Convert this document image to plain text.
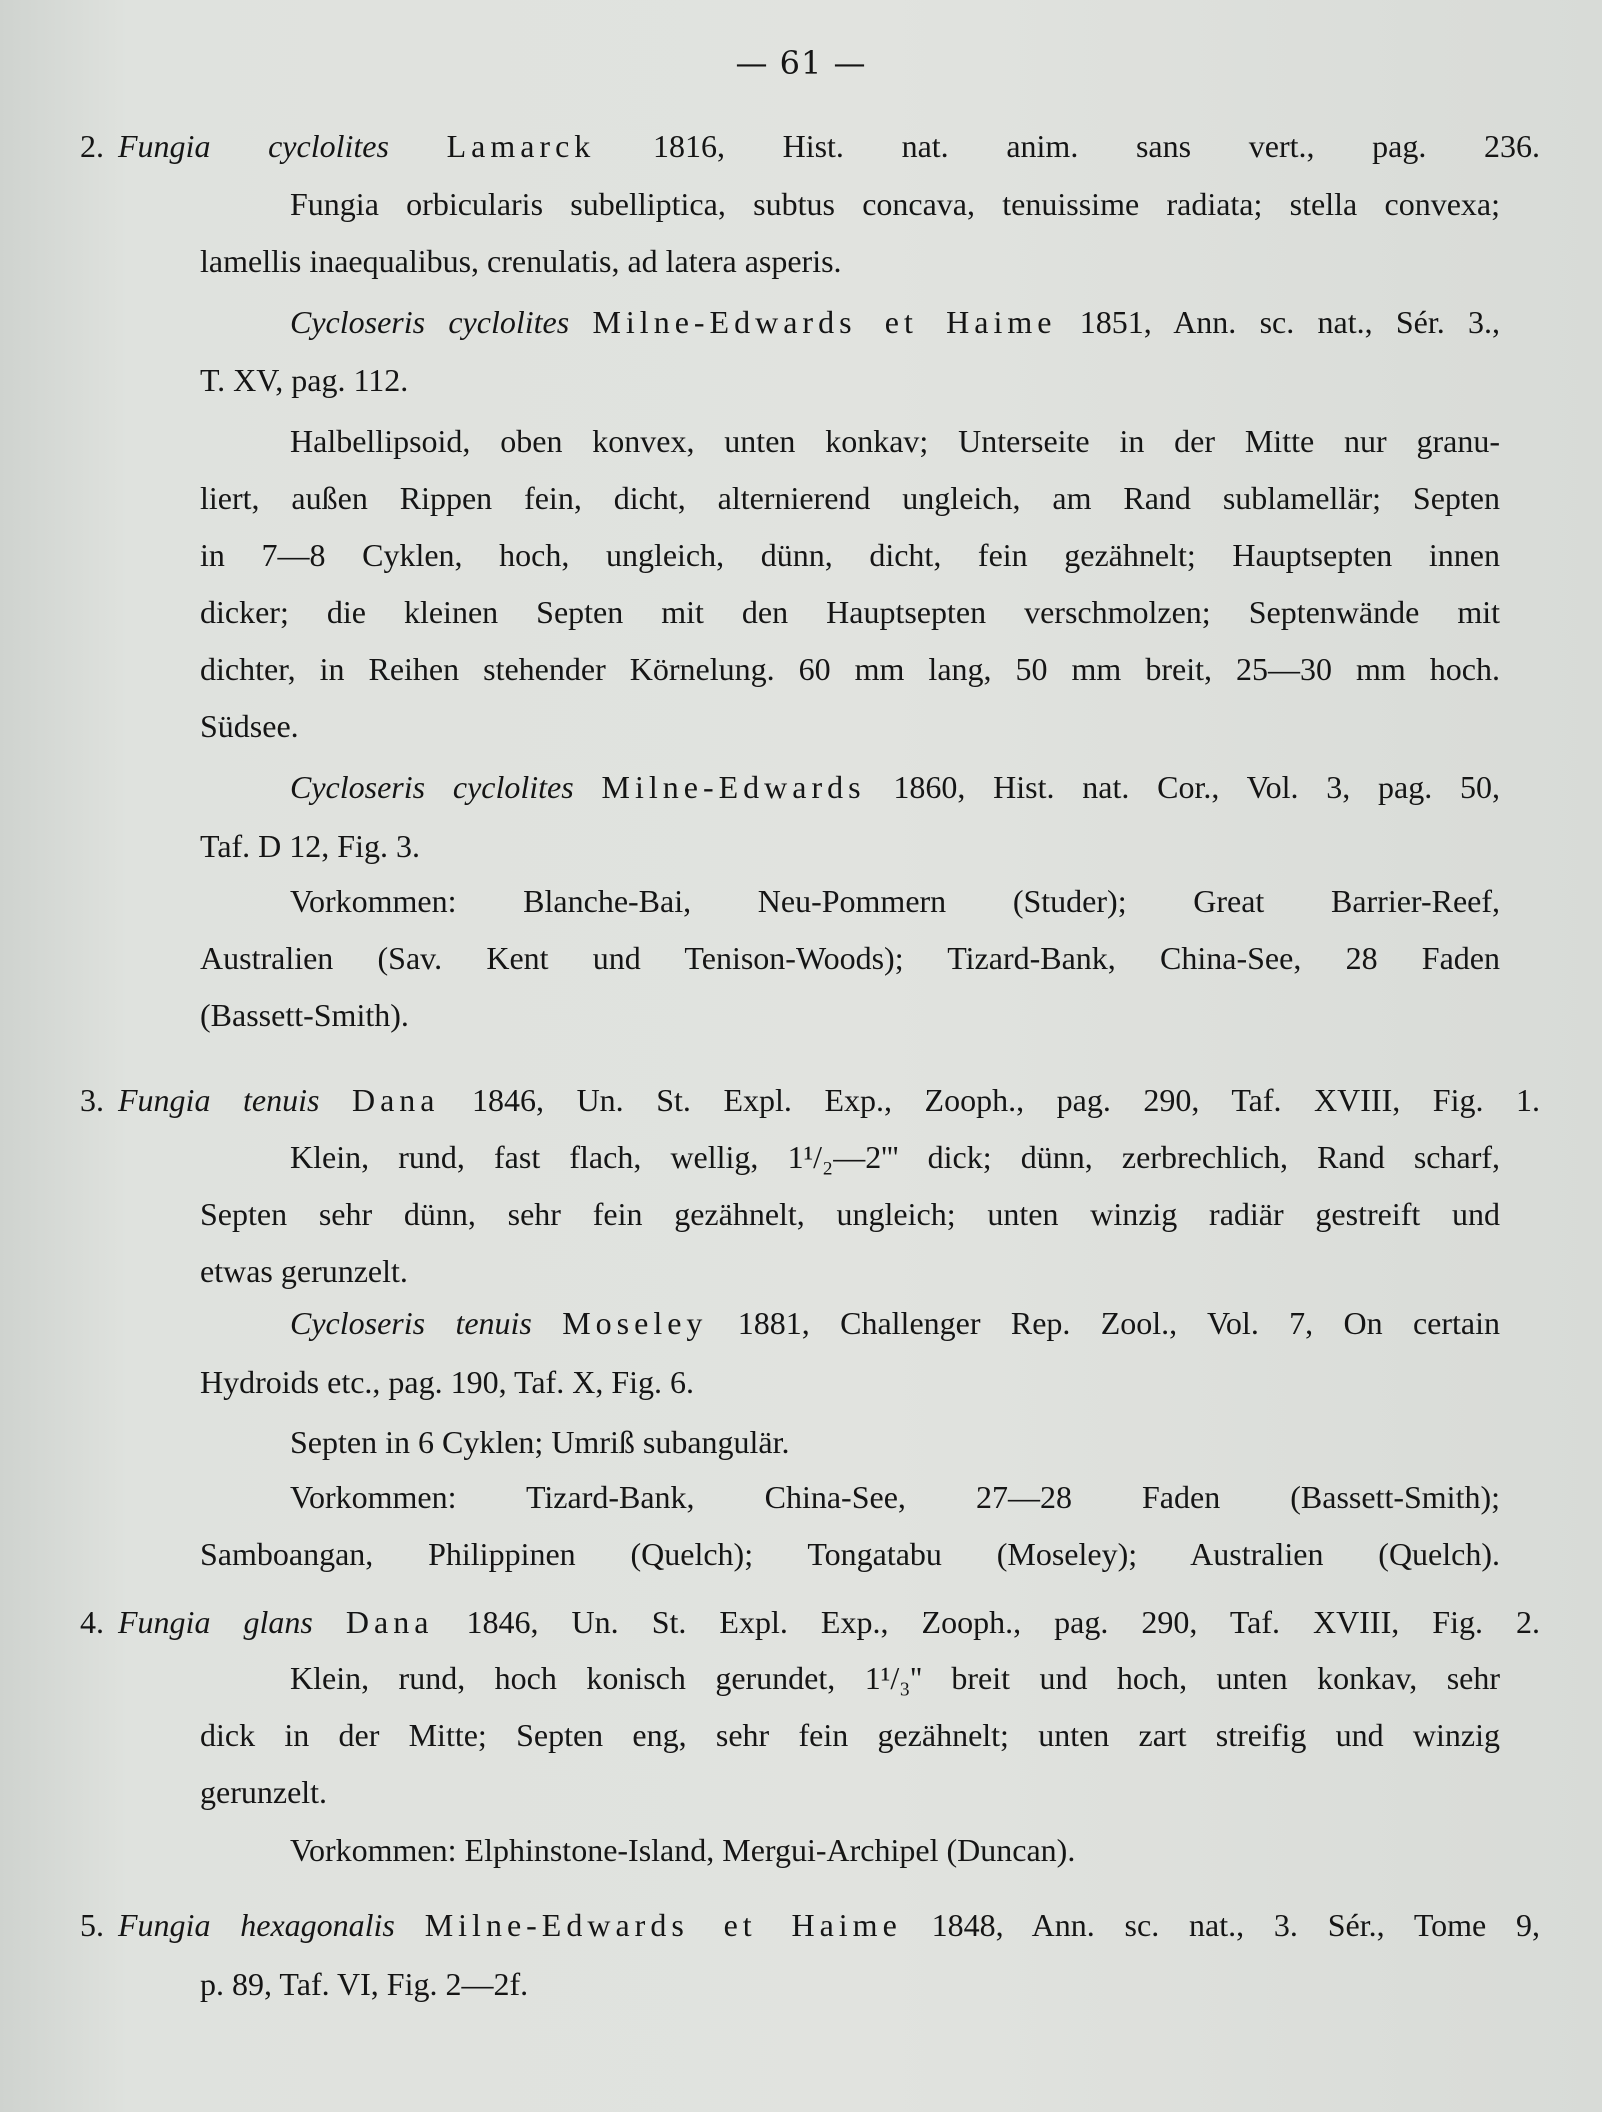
— 61 —
2. Fungia cyclolites Lamarck 1816, Hist. nat. anim. sans vert., pag. 236.
Fungia orbicularis subelliptica, subtus concava, tenuissime radiata; stella convexa;
lamellis inaequalibus, crenulatis, ad latera asperis.
Cycloseris cyclolites Milne-Edwards et Haime 1851, Ann. sc. nat., Sér. 3.,
T. XV, pag. 112.
Halbellipsoid, oben konvex, unten konkav; Unterseite in der Mitte nur granu-
liert, außen Rippen fein, dicht, alternierend ungleich, am Rand sublamellär; Septen
in 7—8 Cyklen, hoch, ungleich, dünn, dicht, fein gezähnelt; Hauptsepten innen
dicker; die kleinen Septen mit den Hauptsepten verschmolzen; Septenwände mit
dichter, in Reihen stehender Körnelung. 60 mm lang, 50 mm breit, 25—30 mm hoch.
Südsee.
Cycloseris cyclolites Milne-Edwards 1860, Hist. nat. Cor., Vol. 3, pag. 50,
Taf. D 12, Fig. 3.
Vorkommen: Blanche-Bai, Neu-Pommern (Studer); Great Barrier-Reef,
Australien (Sav. Kent und Tenison-Woods); Tizard-Bank, China-See, 28 Faden
(Bassett-Smith).
3. Fungia tenuis Dana 1846, Un. St. Expl. Exp., Zooph., pag. 290, Taf. XVIII, Fig. 1.
Klein, rund, fast flach, wellig, 1¹/₂—2''' dick; dünn, zerbrechlich, Rand scharf,
Septen sehr dünn, sehr fein gezähnelt, ungleich; unten winzig radiär gestreift und
etwas gerunzelt.
Cycloseris tenuis Moseley 1881, Challenger Rep. Zool., Vol. 7, On certain
Hydroids etc., pag. 190, Taf. X, Fig. 6.
Septen in 6 Cyklen; Umriß subangulär.
Vorkommen: Tizard-Bank, China-See, 27—28 Faden (Bassett-Smith);
Samboangan, Philippinen (Quelch); Tongatabu (Moseley); Australien (Quelch).
4. Fungia glans Dana 1846, Un. St. Expl. Exp., Zooph., pag. 290, Taf. XVIII, Fig. 2.
Klein, rund, hoch konisch gerundet, 1¹/₃'' breit und hoch, unten konkav, sehr
dick in der Mitte; Septen eng, sehr fein gezähnelt; unten zart streifig und winzig
gerunzelt.
Vorkommen: Elphinstone-Island, Mergui-Archipel (Duncan).
5. Fungia hexagonalis Milne-Edwards et Haime 1848, Ann. sc. nat., 3. Sér., Tome 9,
p. 89, Taf. VI, Fig. 2—2f.
